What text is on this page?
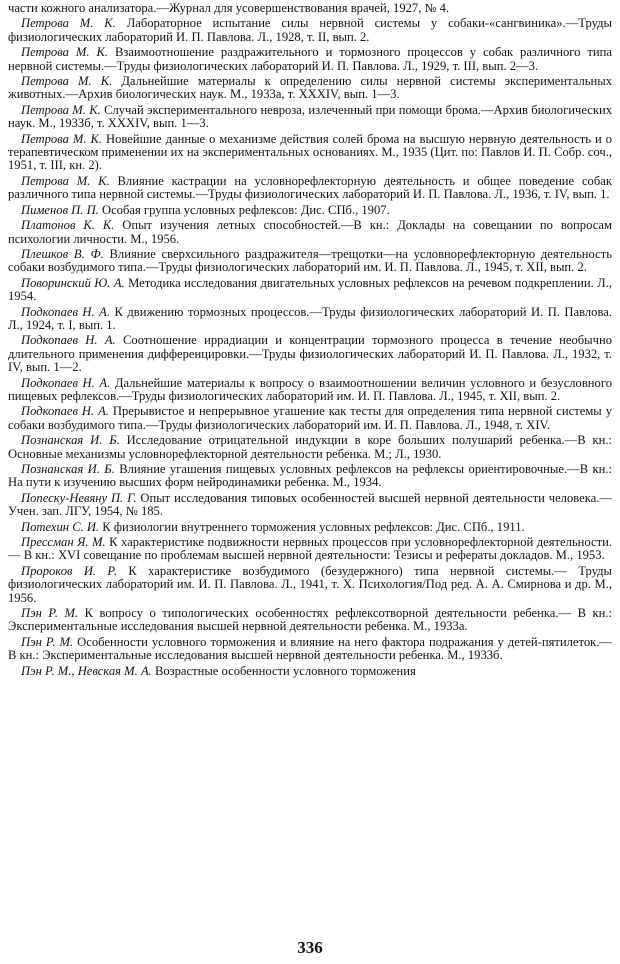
части кожного анализатора.—Журнал для усовершенствования врачей, 1927, № 4.

Петрова М. К. Лабораторное испытание силы нервной системы у собаки-«сангвиника».—Труды физиологических лабораторий И. П. Павлова. Л., 1928, т. II, вып. 2.

Петрова М. К. Взаимоотношение раздражительного и тормозного процессов у собак различного типа нервной системы.—Труды физиологических лабораторий И. П. Павлова. Л., 1929, т. III, вып. 2—3.

Петрова М. К. Дальнейшие материалы к определению силы нервной системы экспериментальных животных.—Архив биологических наук. М., 1933а, т. XXXIV, вып. 1—3.

Петрова М. К. Случай экспериментального невроза, излеченный при помощи брома.—Архив биологических наук. М., 1933б, т. XXXIV, вып. 1—3.

Петрова М. К. Новейшие данные о механизме действия солей брома на высшую нервную деятельность и о терапевтическом применении их на экспериментальных основаниях. М., 1935 (Цит. по: Павлов И. П. Собр. соч., 1951, т. III, кн. 2).

Петрова М. К. Влияние кастрации на условнорефлекторную деятельность и общее поведение собак различного типа нервной системы.—Труды физиологических лабораторий И. П. Павлова. Л., 1936, т. IV, вып. 1.

Пименов П. П. Особая группа условных рефлексов: Дис. СПб., 1907.

Платонов К. К. Опыт изучения летных способностей.—В кн.: Доклады на совещании по вопросам психологии личности. М., 1956.

Плешков В. Ф. Влияние сверхсильного раздражителя—трещотки—на условнорефлекторную деятельность собаки возбудимого типа.—Труды физиологических лабораторий им. И. П. Павлова. Л., 1945, т. XII, вып. 2.

Поворинский Ю. А. Методика исследования двигательных условных рефлексов на речевом подкреплении. Л., 1954.

Подкопаев Н. А. К движению тормозных процессов.—Труды физиологических лабораторий И. П. Павлова. Л., 1924, т. I, вып. 1.

Подкопаев Н. А. Соотношение иррадиации и концентрации тормозного процесса в течение необычно длительного применения дифференцировки.—Труды физиологических лабораторий И. П. Павлова. Л., 1932, т. IV, вып. 1—2.

Подкопаев Н. А. Дальнейшие материалы к вопросу о взаимоотношении величин условного и безусловного пищевых рефлексов.—Труды физиологических лабораторий им. И. П. Павлова. Л., 1945, т. XII, вып. 2.

Подкопаев Н. А. Прерывистое и непрерывное угашение как тесты для определения типа нервной системы у собаки возбудимого типа.—Труды физиологических лабораторий им. И. П. Павлова. Л., 1948, т. XIV.

Познанская И. Б. Исследование отрицательной индукции в коре больших полушарий ребенка.—В кн.: Основные механизмы условнорефлекторной деятельности ребенка. М.; Л., 1930.

Познанская И. Б. Влияние угашения пищевых условных рефлексов на рефлексы ориентировочные.—В кн.: На пути к изучению высших форм нейродинамики ребенка. М., 1934.

Попеску-Невяну П. Г. Опыт исследования типовых особенностей высшей нервной деятельности человека.—Учен. зап. ЛГУ, 1954, № 185.

Потехин С. И. К физиологии внутреннего торможения условных рефлексов: Дис. СПб., 1911.

Прессман Я. М. К характеристике подвижности нервных процессов при условнорефлекторной деятельности.— В кн.: XVI совещание по проблемам высшей нервной деятельности: Тезисы и рефераты докладов. М., 1953.

Пророков И. Р. К характеристике возбудимого (безудержного) типа нервной системы.— Труды физиологических лабораторий им. И. П. Павлова. Л., 1941, т. X. Психология/Под ред. А. А. Смирнова и др. М., 1956.

Пэн Р. М. К вопросу о типологических особенностях рефлексотворной деятельности ребенка.— В кн.: Экспериментальные исследования высшей нервной деятельности ребенка. М., 1933а.

Пэн Р. М. Особенности условного торможения и влияние на него фактора подражания у детей-пятилеток.— В кн.: Экспериментальные исследования высшей нервной деятельности ребенка. М., 1933б.

Пэн Р. М., Невская М. А. Возрастные особенности условного торможения

336
